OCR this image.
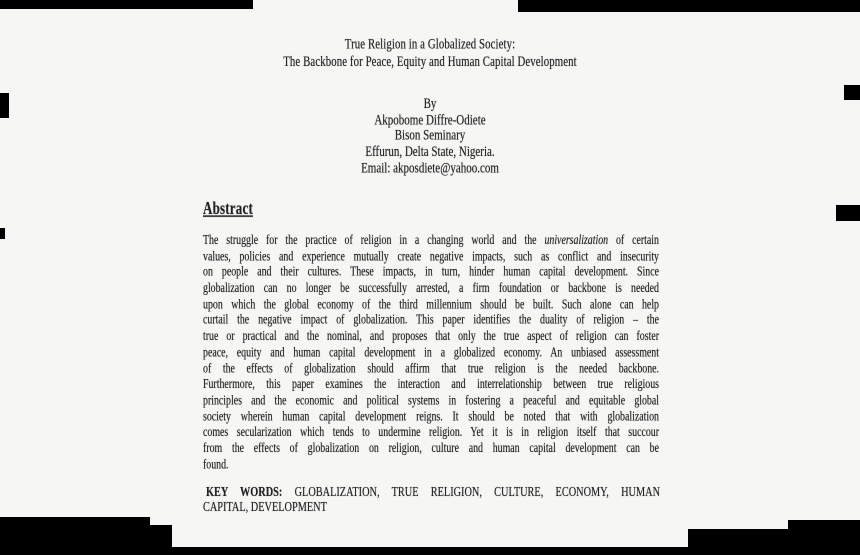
True Religion in a Globalized Society:
The Backbone for Peace, Equity and Human Capital Development
By
Akpobome Diffre-Odiete
Bison Seminary
Effurun, Delta State, Nigeria.
Email: akposdiete@yahoo.com
Abstract
The struggle for the practice of religion in a changing world and the universalization of certain
values, policies and experience mutually create negative impacts, such as conflict and insecurity
on people and their cultures. These impacts, in turn, hinder human capital development. Since
globalization can no longer be successfully arrested, a firm foundation or backbone is needed
upon which the global economy of the third millennium should be built. Such alone can help
curtail the negative impact of globalization. This paper identifies the duality of religion – the
true or practical and the nominal, and proposes that only the true aspect of religion can foster
peace, equity and human capital development in a globalized economy. An unbiased assessment
of the effects of globalization should affirm that true religion is the needed backbone.
Furthermore, this paper examines the interaction and interrelationship between true religious
principles and the economic and political systems in fostering a peaceful and equitable global
society wherein human capital development reigns. It should be noted that with globalization
comes secularization which tends to undermine religion. Yet it is in religion itself that succour
from the effects of globalization on religion, culture and human capital development can be
found.
KEY WORDS: GLOBALIZATION, TRUE RELIGION, CULTURE, ECONOMY, HUMAN
CAPITAL, DEVELOPMENT
